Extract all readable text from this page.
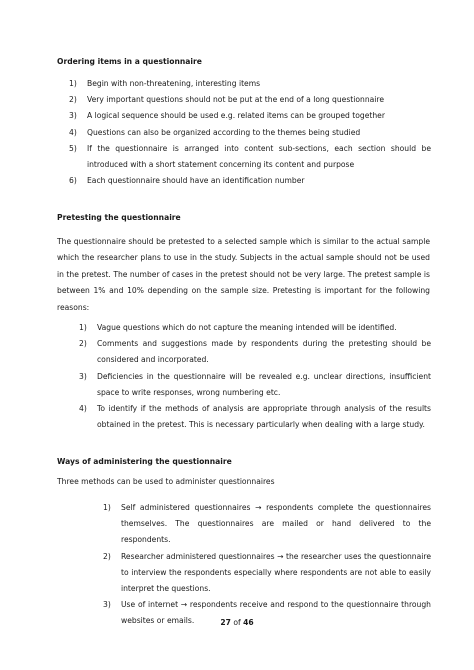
Ordering items in a questionnaire
1) Begin with non-threatening, interesting items
2) Very important questions should not be put at the end of a long questionnaire
3) A logical sequence should be used e.g. related items can be grouped together
4) Questions can also be organized according to the themes being studied
5) If the questionnaire is arranged into content sub-sections, each section should be introduced with a short statement concerning its content and purpose
6) Each questionnaire should have an identification number
Pretesting the questionnaire

The questionnaire should be pretested to a selected sample which is similar to the actual sample which the researcher plans to use in the study. Subjects in the actual sample should not be used in the pretest. The number of cases in the pretest should not be very large. The pretest sample is between 1% and 10% depending on the sample size. Pretesting is important for the following reasons:

1) Vague questions which do not capture the meaning intended will be identified.
2) Comments and suggestions made by respondents during the pretesting should be considered and incorporated.
3) Deficiencies in the questionnaire will be revealed e.g. unclear directions, insufficient space to write responses, wrong numbering etc.
4) To identify if the methods of analysis are appropriate through analysis of the results obtained in the pretest. This is necessary particularly when dealing with a large study.
Ways of administering the questionnaire

Three methods can be used to administer questionnaires

1) Self administered questionnaires → respondents complete the questionnaires themselves. The questionnaires are mailed or hand delivered to the respondents.
2) Researcher administered questionnaires → the researcher uses the questionnaire to interview the respondents especially where respondents are not able to easily interpret the questions.
3) Use of internet → respondents receive and respond to the questionnaire through websites or emails.	27 of 46
